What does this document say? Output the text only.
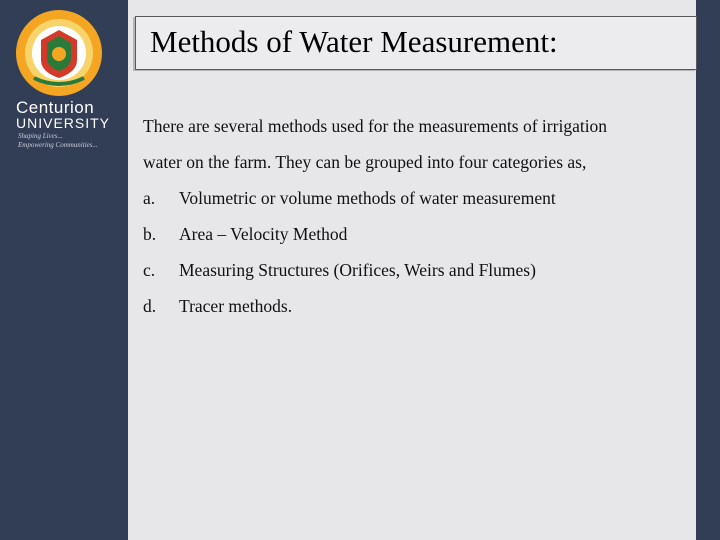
Centurion
UNIVERSITY
Shaping Lives...
Empowering Communities...
Methods of Water Measurement:

There are several methods used for the measurements of irrigation
water on the farm. They can be grouped into four categories as,

a.	Volumetric or volume methods of water measurement
b.	Area – Velocity Method
c.	Measuring Structures (Orifices, Weirs and Flumes)
d.	Tracer methods.
